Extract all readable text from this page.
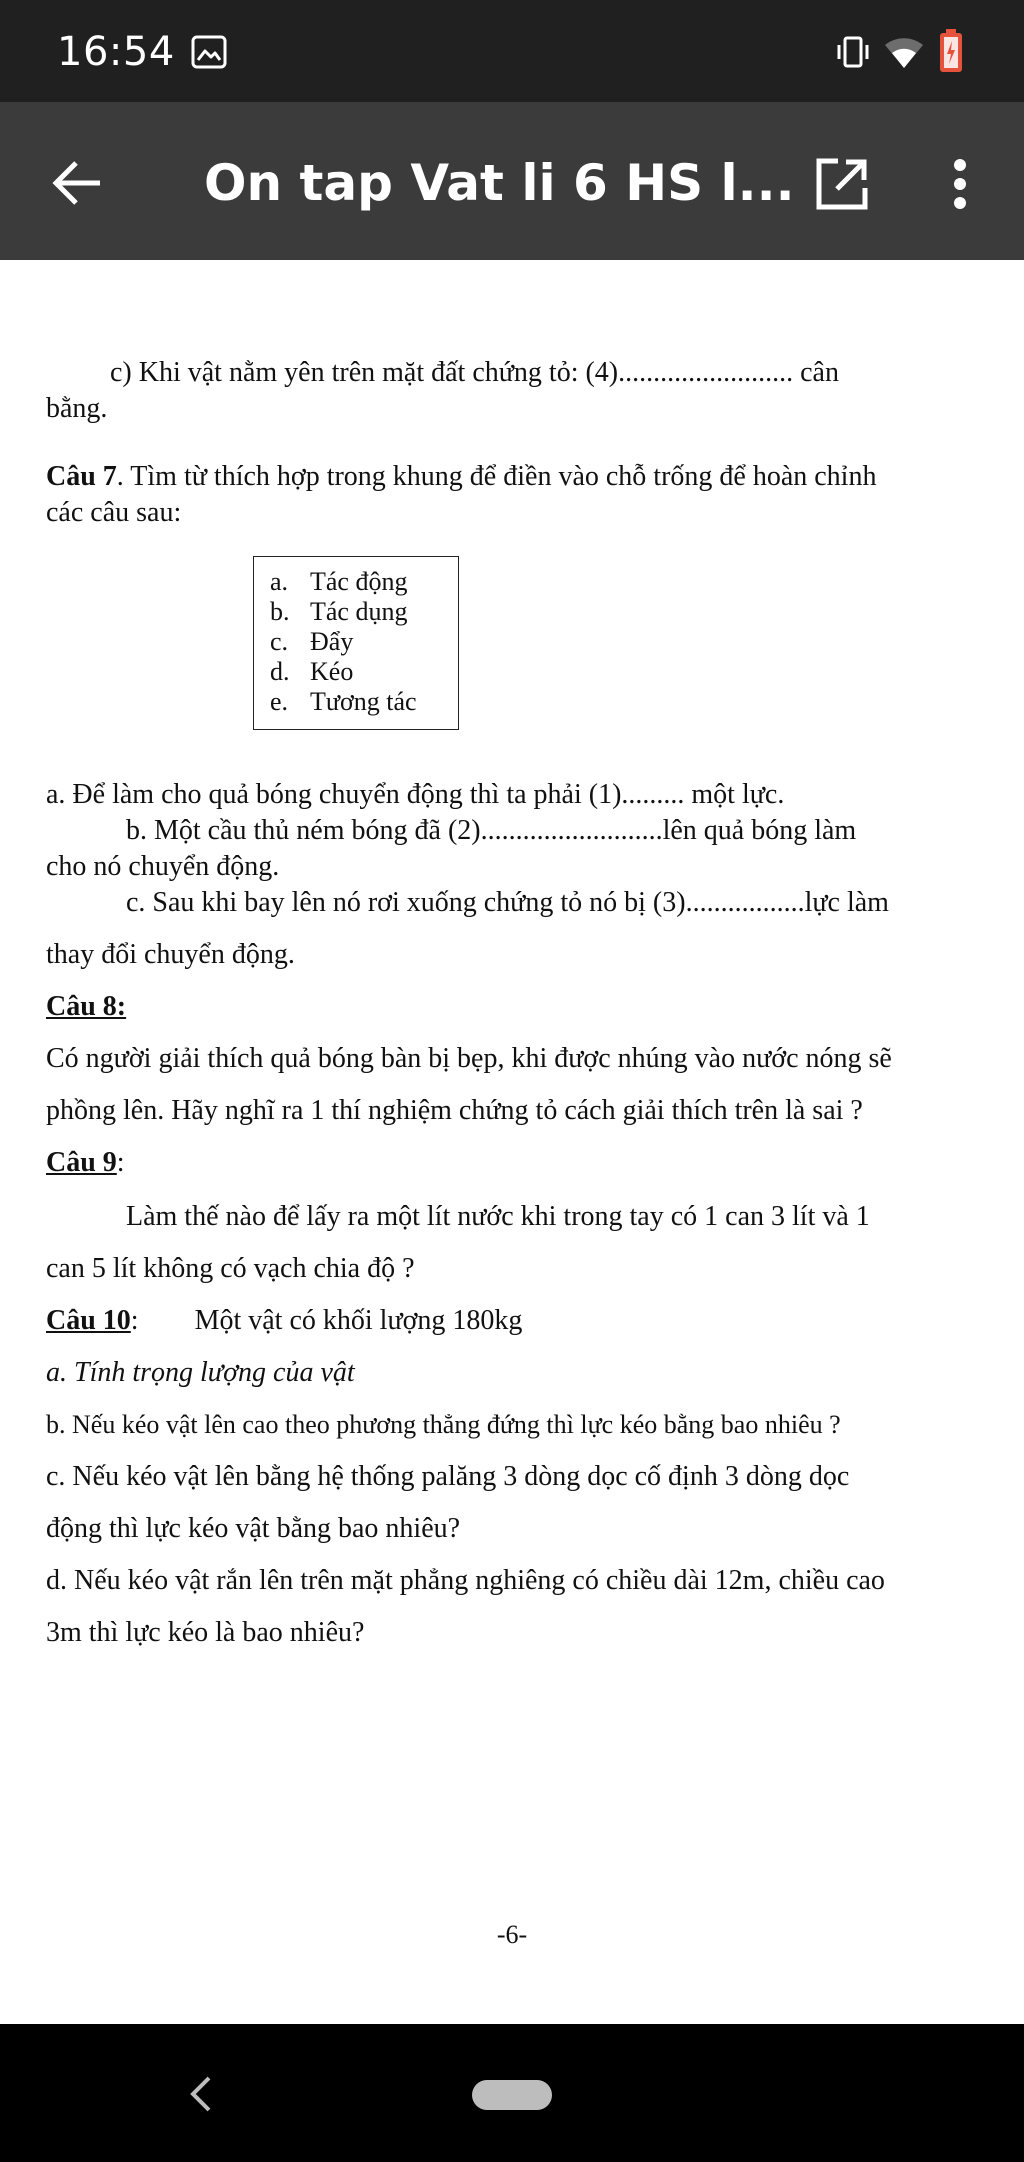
16:54
On tap Vat li 6 HS l...
c) Khi vật nằm yên trên mặt đất chứng tỏ: (4)......................... cân
bằng.
Câu 7. Tìm từ thích hợp trong khung để điền vào chỗ trống để hoàn chỉnh
các câu sau:
a. Tác động
b. Tác dụng
c. Đẩy
d. Kéo
e. Tương tác
a. Để làm cho quả bóng chuyển động thì ta phải (1)......... một lực.
b. Một cầu thủ ném bóng đã (2)..........................lên quả bóng làm
cho nó chuyển động.
c. Sau khi bay lên nó rơi xuống chứng tỏ nó bị (3).................lực làm
thay đổi chuyển động.
Câu 8:
Có người giải thích quả bóng bàn bị bẹp, khi được nhúng vào nước nóng sẽ
phồng lên. Hãy nghĩ ra 1 thí nghiệm chứng tỏ cách giải thích trên là sai ?
Câu 9:
Làm thế nào để lấy ra một lít nước khi trong tay có 1 can 3 lít và 1
can 5 lít không có vạch chia độ ?
Câu 10: Một vật có khối lượng 180kg
a. Tính trọng lượng của vật
b. Nếu kéo vật lên cao theo phương thẳng đứng thì lực kéo bằng bao nhiêu ?
c. Nếu kéo vật lên bằng hệ thống palăng 3 dòng dọc cố định 3 dòng dọc
động thì lực kéo vật bằng bao nhiêu?
d. Nếu kéo vật rắn lên trên mặt phẳng nghiêng có chiều dài 12m, chiều cao
3m thì lực kéo là bao nhiêu?
-6-
